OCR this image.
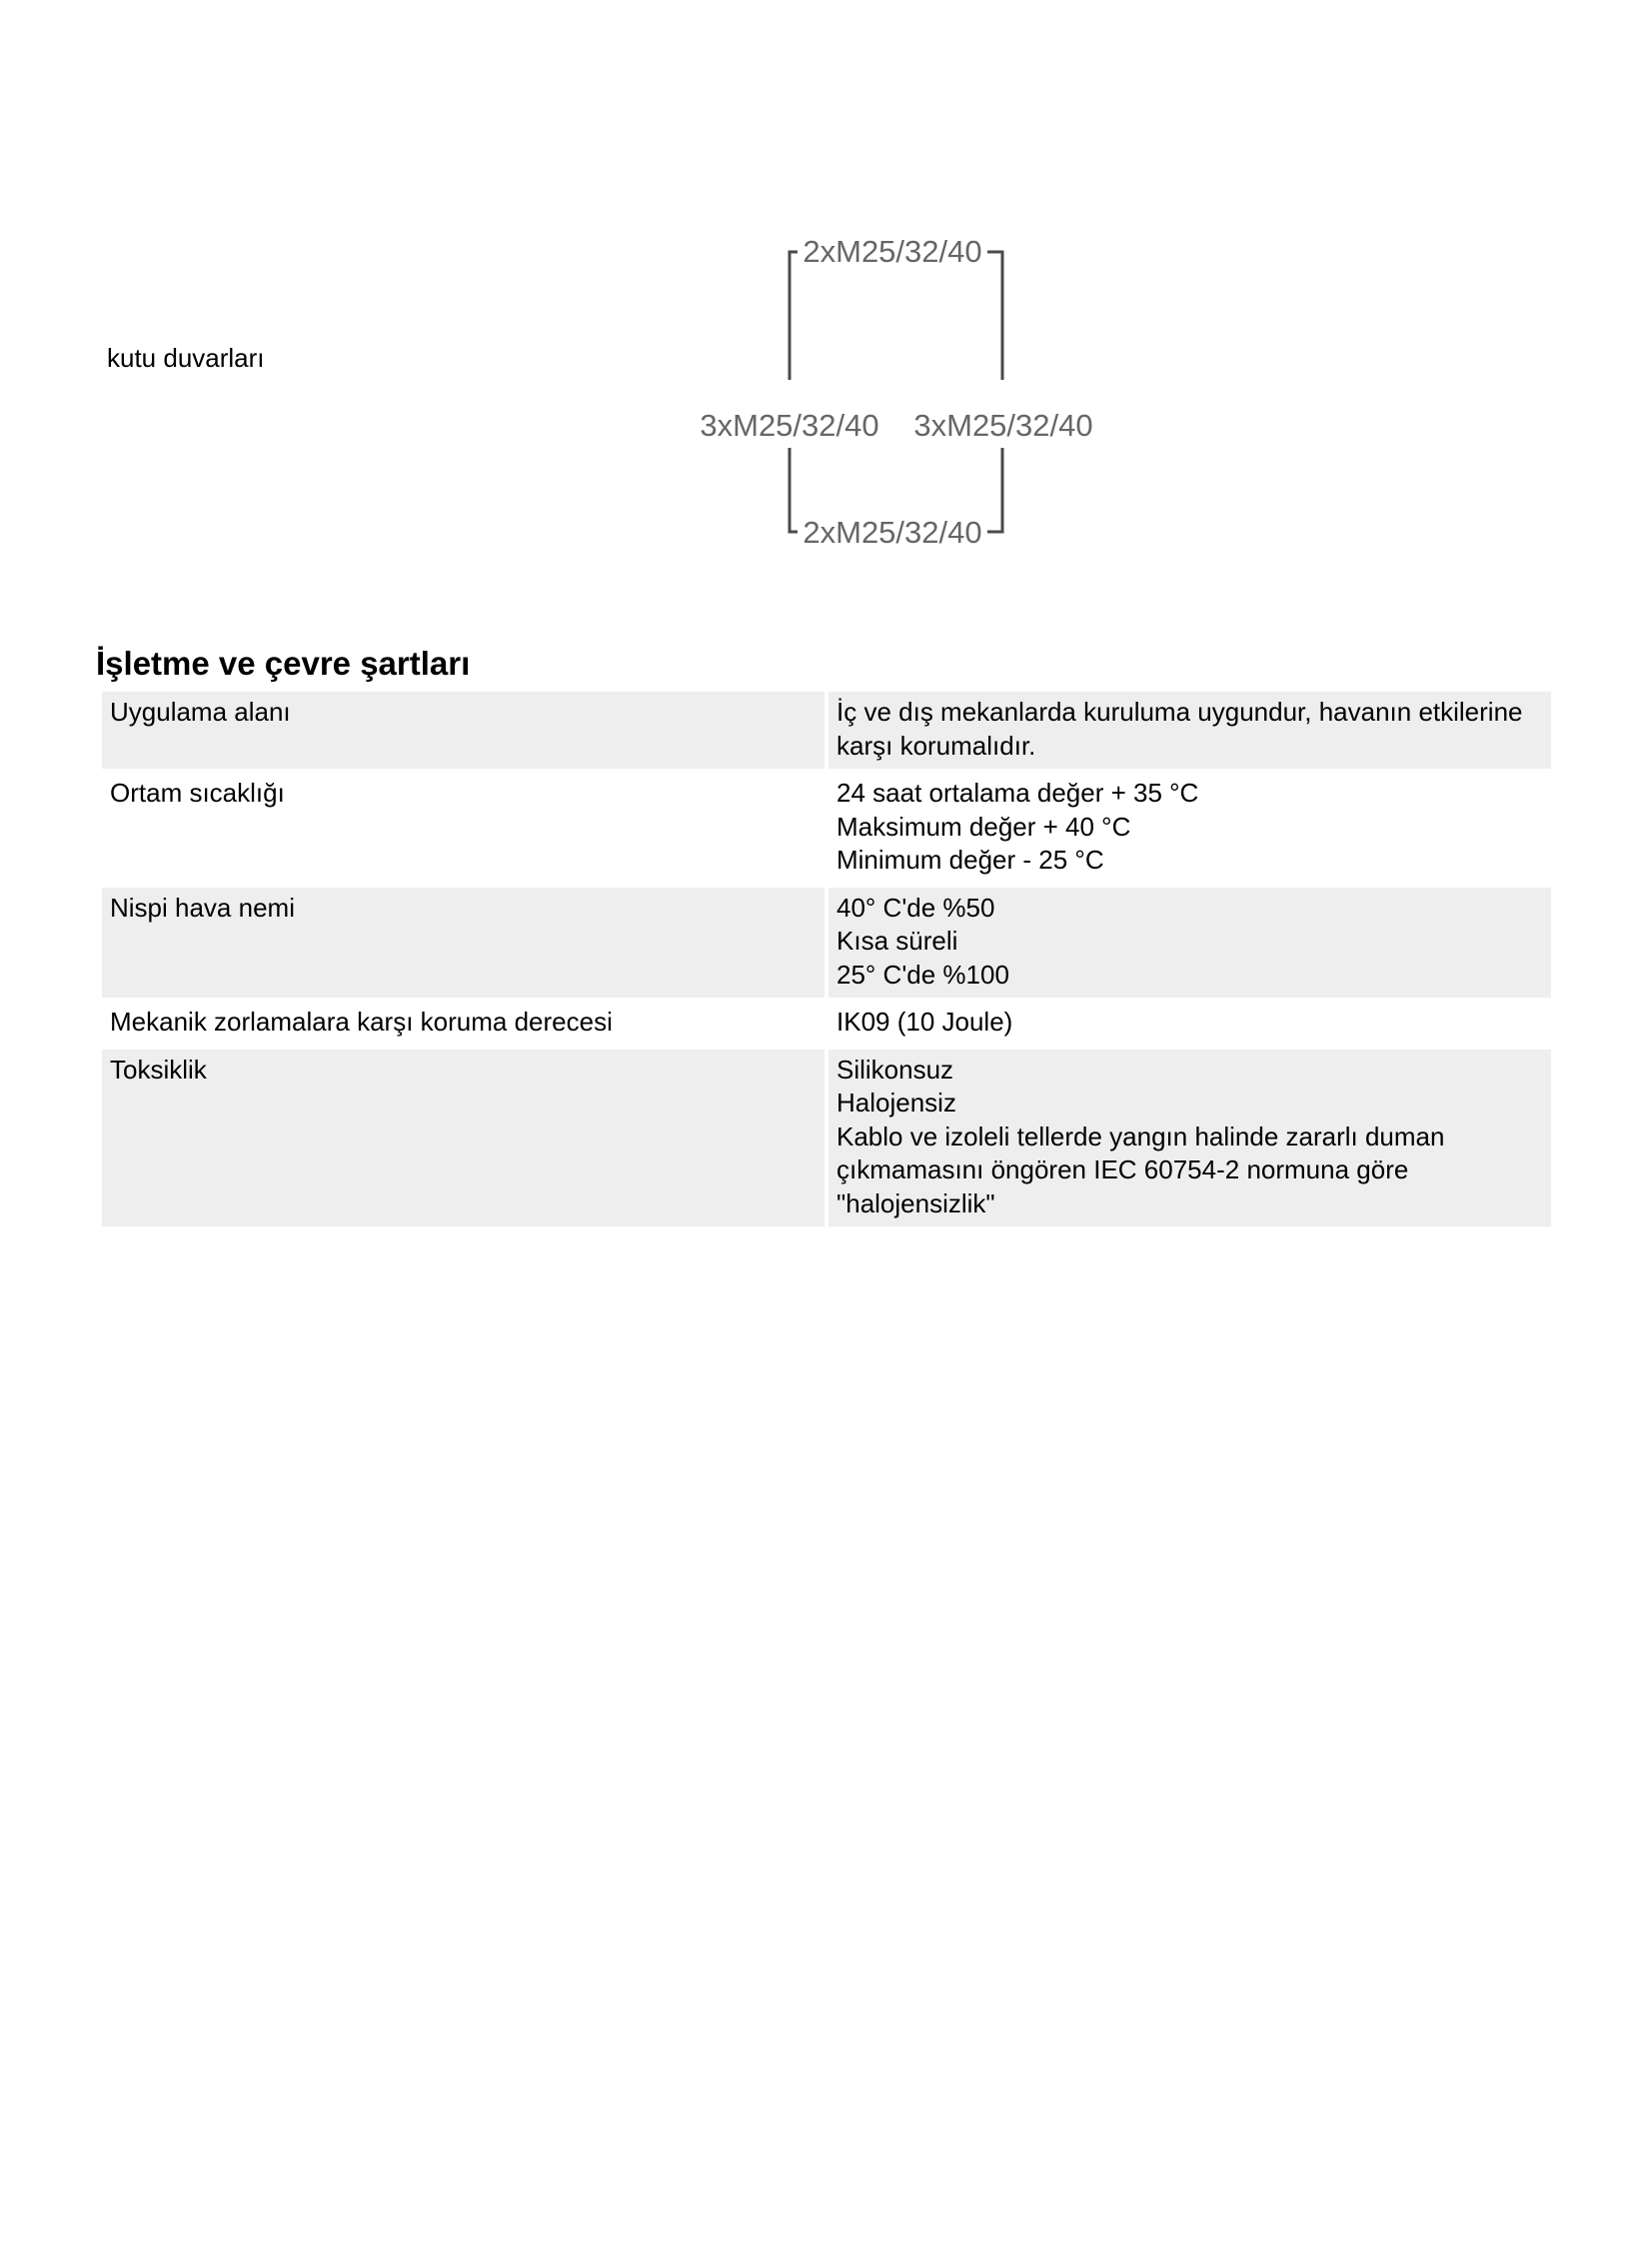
kutu duvarları
2xM25/32/40
3xM25/32/40 3xM25/32/40
2xM25/32/40
İşletme ve çevre şartları
Uygulama alanı	İç ve dış mekanlarda kuruluma uygundur, havanın etkilerine karşı korumalıdır.

Ortam sıcaklığı	24 saat ortalama değer + 35 °C
Maksimum değer + 40 °C
Minimum değer - 25 °C

Nispi hava nemi	40° C'de %50
Kısa süreli
25° C'de %100

Mekanik zorlamalara karşı koruma derecesi	IK09 (10 Joule)

Toksiklik	Silikonsuz
Halojensiz
Kablo ve izoleli tellerde yangın halinde zararlı duman çıkmamasını öngören IEC 60754-2 normuna göre "halojensizlik"
